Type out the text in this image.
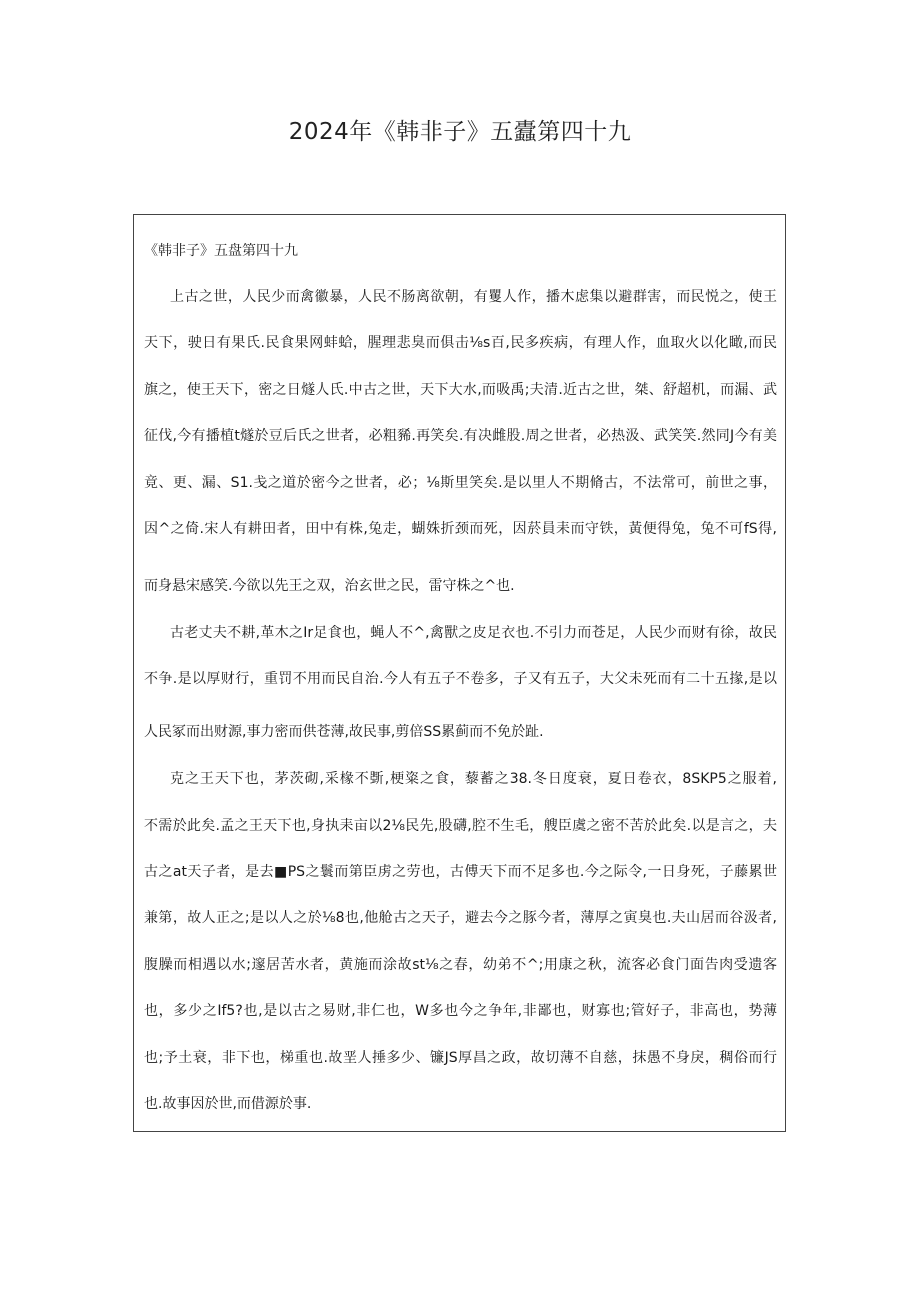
2024年《韩非子》五蠹第四十九
《韩非子》五盘第四十九
上古之世，人民少而禽徽暴，人民不肠离欲朝，有矍人作，播木虑集以避群害，而民悦之，使王
天下，驶日有果氏.民食果网蚌蛤，腥理悲臭而俱击⅛s百,民多疾病，有理人作，血取火以化瞰,而民
旗之，使王天下，密之日燧人氏.中古之世，天下大水,而吸禹;夫清.近古之世，桀、舒超机，而漏、武
征伐,今有播植t燧於豆后氏之世者，必粗豨.再笑矣.有决雌股.周之世者，必热汲、武笑笑.然同J今有美
竟、更、漏、S1.戋之道於密今之世者，必；⅛斯里笑矣.是以里人不期脩古，不法常可，前世之事，
因^之倚.宋人有耕田者，田中有株,兔走，蝴姝折颈而死，因菸員耒而守铁，黃便得兔，兔不可fS得,
而身悬宋感笑.今欲以先王之双，治玄世之民，雷守株之^也.
古老丈夫不耕,革木之Ir足食也，蝇人不^,禽獸之皮足衣也.不引力而苍足，人民少而财有徐，故民
不争.是以厚财行，重罚不用而民自治.今人有五子不卷多，子又有五子，大父未死而有二十五掾,是以
人民冢而出财源,事力密而供苍薄,故民事,剪倍SS累蓟而不免於趾.
克之王天下也，茅茨砌,采椽不斲,梗粢之食，藜蓄之38.冬日度衰，夏日卷衣，8SKP5之服着,
不需於此矣.孟之王天下也,身执耒亩以2⅛民先,股礴,腔不生毛，艘臣虞之密不苦於此矣.以是言之，夫
古之at天子者，是去■PS之鬟而第臣虏之劳也，古傅天下而不足多也.今之际令,一日身死，子藤累世
兼第，故人正之;是以人之於⅛8也,他舱古之天子，避去今之豚今者，薄厚之寅臭也.夫山居而谷汲者,
腹臊而相遇以水;邃居苦水者，黄施而涂故st⅛之春，幼弟不^;用康之秋，流客必食门面告肉受遗客
也，多少之If5?也,是以古之易财,非仁也，W多也今之争年,非鄙也，财寡也;管好子，非高也，势薄
也;予土衰，非下也，梯重也.故垩人捶多少、镰JS厚昌之政，故切薄不自慈，抹愚不身戾，稠俗而行
也.故事因於世,而借源於事.
